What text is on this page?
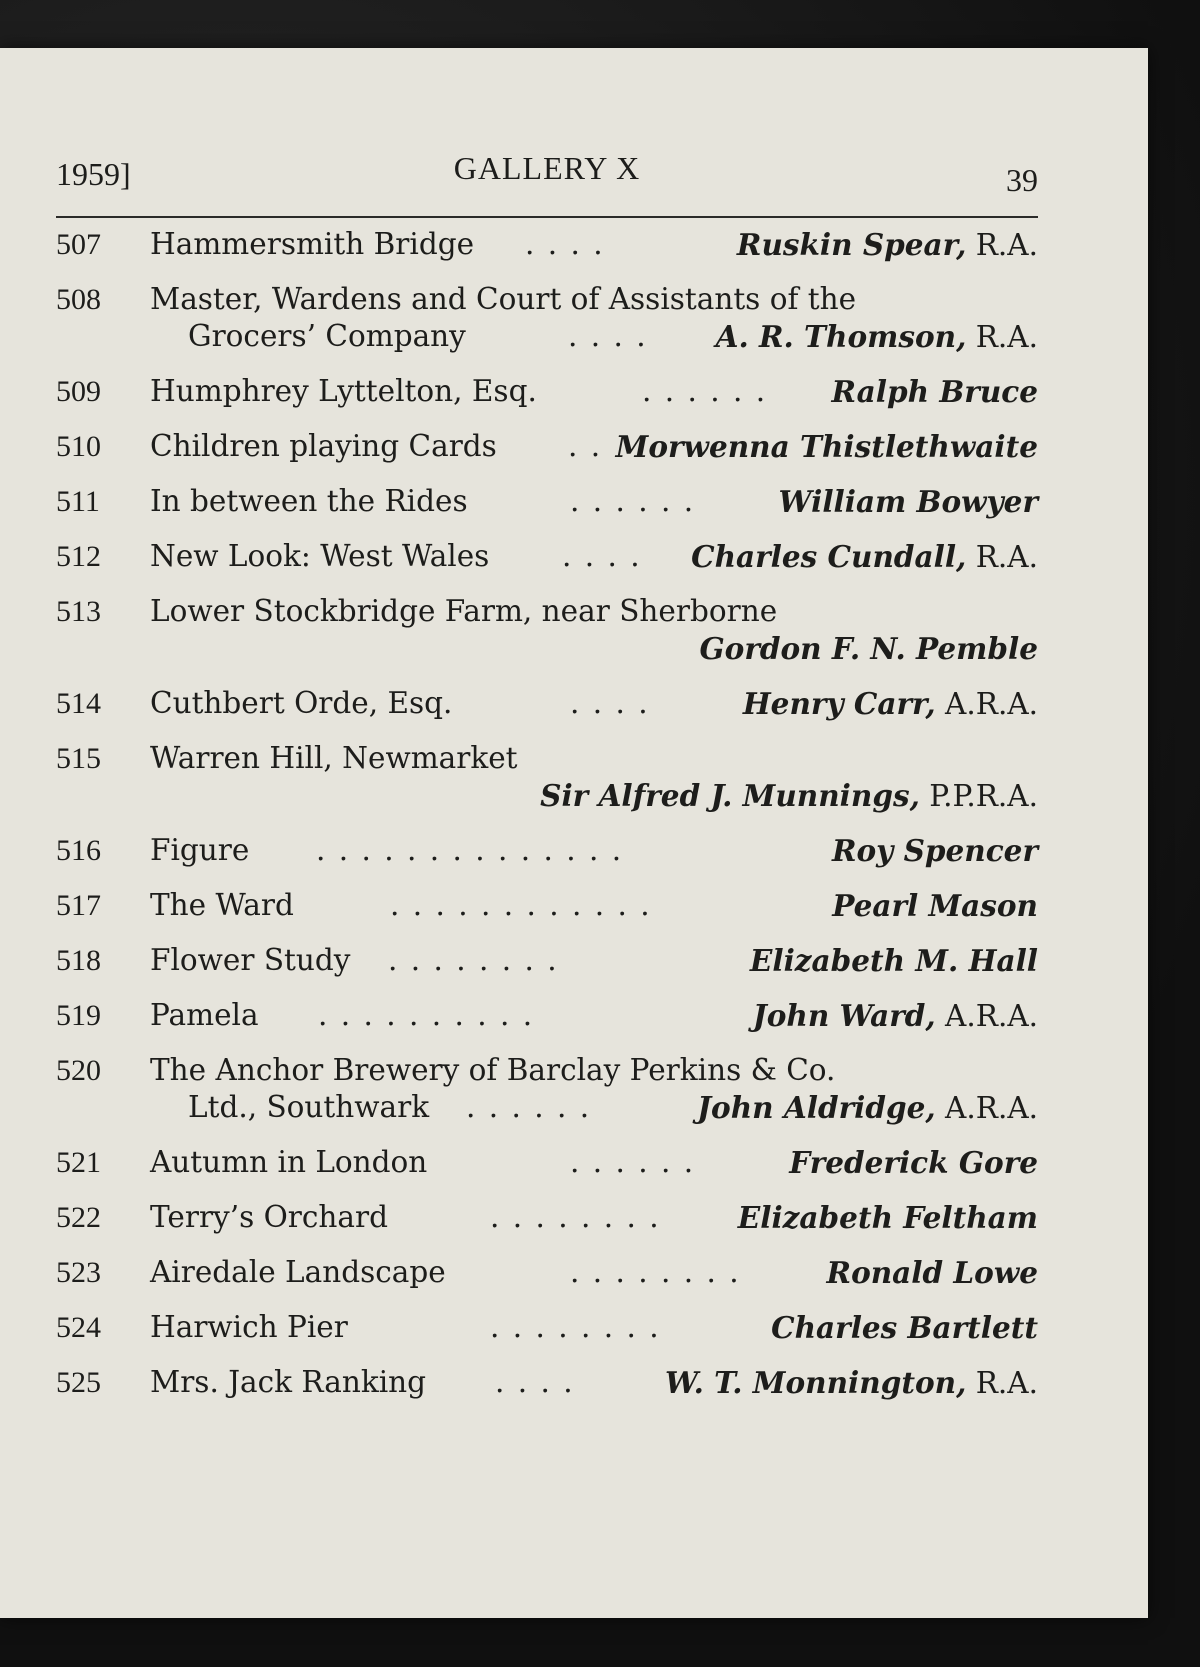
1959]	GALLERY X	39
507 Hammersmith Bridge . . . .	Ruskin Spear, R.A.
508 Master, Wardens and Court of Assistants of the
Grocers’ Company	. . . . A. R. Thomson, R.A.
509 Humphrey Lyttelton, Esq.	. . . . . . Ralph Bruce
510 Children playing Cards . . Morwenna Thistlethwaite
511 In between the Rides	. . . . . .	William Bowyer
512 New Look: West Wales . . . . Charles Cundall, R.A.
513 Lower Stockbridge Farm, near Sherborne
Gordon F. N. Pemble
514 Cuthbert Orde, Esq.	. . . .	Henry Carr, A.R.A.
515 Warren Hill, Newmarket
Sir Alfred J. Munnings, P.P.R.A.
516 Figure . . . . . . . . . . . . . .	Roy Spencer
517 The Ward	. . . . . . . . . . . .	Pearl Mason
518 Flower Study . . . . . . . .	Elizabeth M. Hall
519 Pamela . . . . . . . . . .	John Ward, A.R.A.
520 The Anchor Brewery of Barclay Perkins & Co.
Ltd., Southwark . . . . . .	John Aldridge, A.R.A.
521 Autumn in London	. . . . . .	Frederick Gore
522 Terry’s Orchard	. . . . . . . .	Elizabeth Feltham
523 Airedale Landscape	. . . . . . . .	Ronald Lowe
524 Harwich Pier	. . . . . . . .	Charles Bartlett
525 Mrs. Jack Ranking . . . .	W. T. Monnington, R.A.
